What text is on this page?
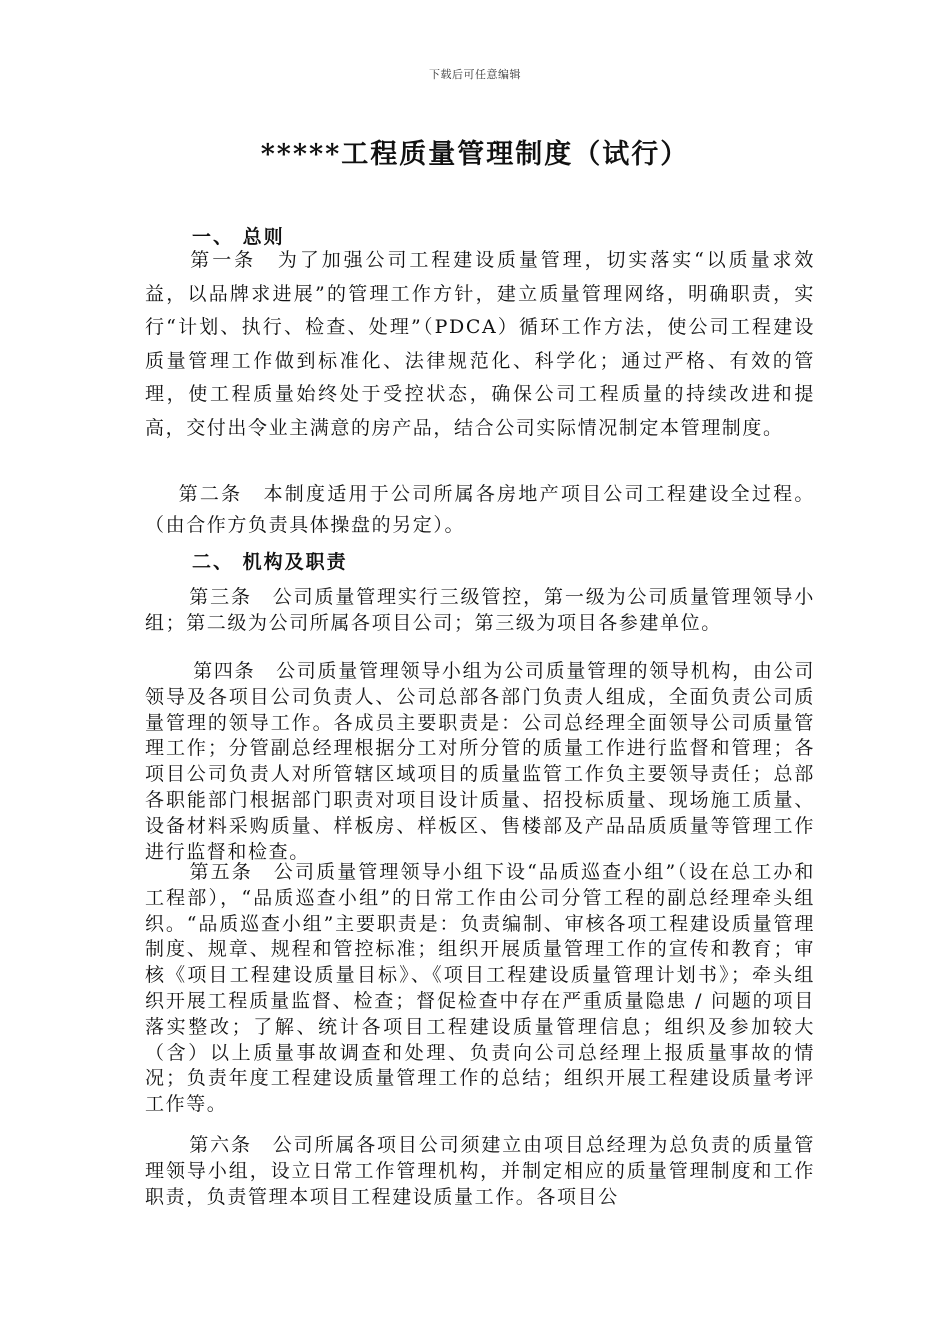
下载后可任意编辑
*****工程质量管理制度（试行）
一、 总则
第一条　为了加强公司工程建设质量管理，切实落实“以质量求效益，以品牌求进展”的管理工作方针，建立质量管理网络，明确职责，实行“计划、执行、检查、处理”（PDCA）循环工作方法，使公司工程建设质量管理工作做到标准化、法律规范化、科学化；通过严格、有效的管理，使工程质量始终处于受控状态，确保公司工程质量的持续改进和提高，交付出令业主满意的房产品，结合公司实际情况制定本管理制度。
第二条　本制度适用于公司所属各房地产项目公司工程建设全过程。（由合作方负责具体操盘的另定）。
二、 机构及职责
第三条　公司质量管理实行三级管控，第一级为公司质量管理领导小组；第二级为公司所属各项目公司；第三级为项目各参建单位。
第四条　公司质量管理领导小组为公司质量管理的领导机构，由公司领导及各项目公司负责人、公司总部各部门负责人组成，全面负责公司质量管理的领导工作。各成员主要职责是：公司总经理全面领导公司质量管理工作；分管副总经理根据分工对所分管的质量工作进行监督和管理；各项目公司负责人对所管辖区域项目的质量监管工作负主要领导责任；总部各职能部门根据部门职责对项目设计质量、招投标质量、现场施工质量、设备材料采购质量、样板房、样板区、售楼部及产品品质质量等管理工作进行监督和检查。
第五条　公司质量管理领导小组下设“品质巡查小组”（设在总工办和工程部），“品质巡查小组”的日常工作由公司分管工程的副总经理牵头组织。“品质巡查小组”主要职责是：负责编制、审核各项工程建设质量管理制度、规章、规程和管控标准；组织开展质量管理工作的宣传和教育；审核《项目工程建设质量目标》、《项目工程建设质量管理计划书》；牵头组织开展工程质量监督、检查；督促检查中存在严重质量隐患 / 问题的项目落实整改；了解、统计各项目工程建设质量管理信息；组织及参加较大（含）以上质量事故调查和处理、负责向公司总经理上报质量事故的情况；负责年度工程建设质量管理工作的总结；组织开展工程建设质量考评工作等。
第六条　公司所属各项目公司须建立由项目总经理为总负责的质量管理领导小组，设立日常工作管理机构，并制定相应的质量管理制度和工作职责，负责管理本项目工程建设质量工作。各项目公
